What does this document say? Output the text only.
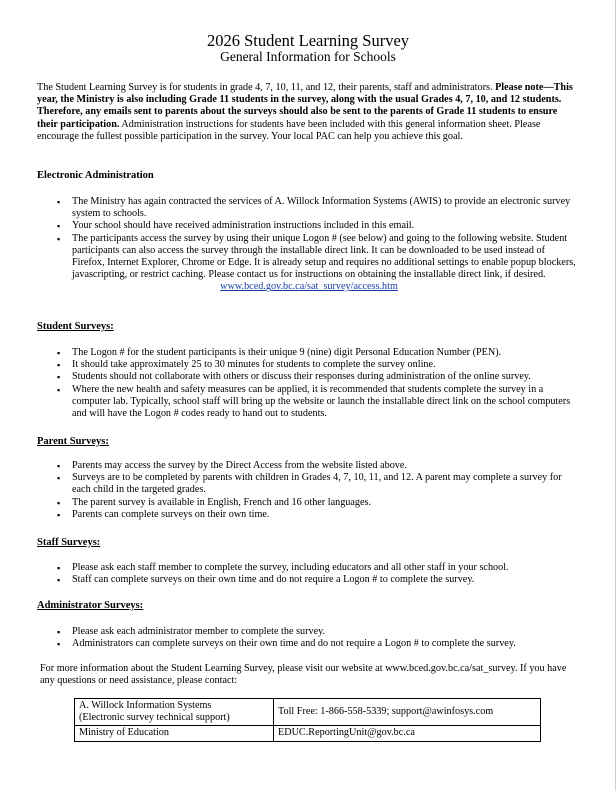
2026 Student Learning Survey
General Information for Schools
The Student Learning Survey is for students in grade 4, 7, 10, 11, and 12, their parents, staff and administrators. Please note—This year, the Ministry is also including Grade 11 students in the survey, along with the usual Grades 4, 7, 10, and 12 students. Therefore, any emails sent to parents about the surveys should also be sent to the parents of Grade 11 students to ensure their participation. Administration instructions for students have been included with this general information sheet. Please encourage the fullest possible participation in the survey. Your local PAC can help you achieve this goal.
Electronic Administration
▪ The Ministry has again contracted the services of A. Willock Information Systems (AWIS) to provide an electronic survey system to schools.
▪ Your school should have received administration instructions included in this email.
▪ The participants access the survey by using their unique Logon # (see below) and going to the following website. Student participants can also access the survey through the installable direct link. It can be downloaded to be used instead of Firefox, Internet Explorer, Chrome or Edge. It is already setup and requires no additional settings to enable popup blockers, javascripting, or restrict caching. Please contact us for instructions on obtaining the installable direct link, if desired.
www.bced.gov.bc.ca/sat_survey/access.htm
Student Surveys:
▪ The Logon # for the student participants is their unique 9 (nine) digit Personal Education Number (PEN).
▪ It should take approximately 25 to 30 minutes for students to complete the survey online.
▪ Students should not collaborate with others or discuss their responses during administration of the online survey.
▪ Where the new health and safety measures can be applied, it is recommended that students complete the survey in a computer lab. Typically, school staff will bring up the website or launch the installable direct link on the school computers and will have the Logon # codes ready to hand out to students.
Parent Surveys:
▪ Parents may access the survey by the Direct Access from the website listed above.
▪ Surveys are to be completed by parents with children in Grades 4, 7, 10, 11, and 12. A parent may complete a survey for each child in the targeted grades.
▪ The parent survey is available in English, French and 16 other languages.
▪ Parents can complete surveys on their own time.
Staff Surveys:
▪ Please ask each staff member to complete the survey, including educators and all other staff in your school.
▪ Staff can complete surveys on their own time and do not require a Logon # to complete the survey.
Administrator Surveys:
▪ Please ask each administrator member to complete the survey.
▪ Administrators can complete surveys on their own time and do not require a Logon # to complete the survey.
For more information about the Student Learning Survey, please visit our website at www.bced.gov.bc.ca/sat_survey. If you have any questions or need assistance, please contact:
A. Willock Information Systems
(Electronic survey technical support)	Toll Free: 1-866-558-5339; support@awinfosys.com
Ministry of Education	EDUC.ReportingUnit@gov.bc.ca
